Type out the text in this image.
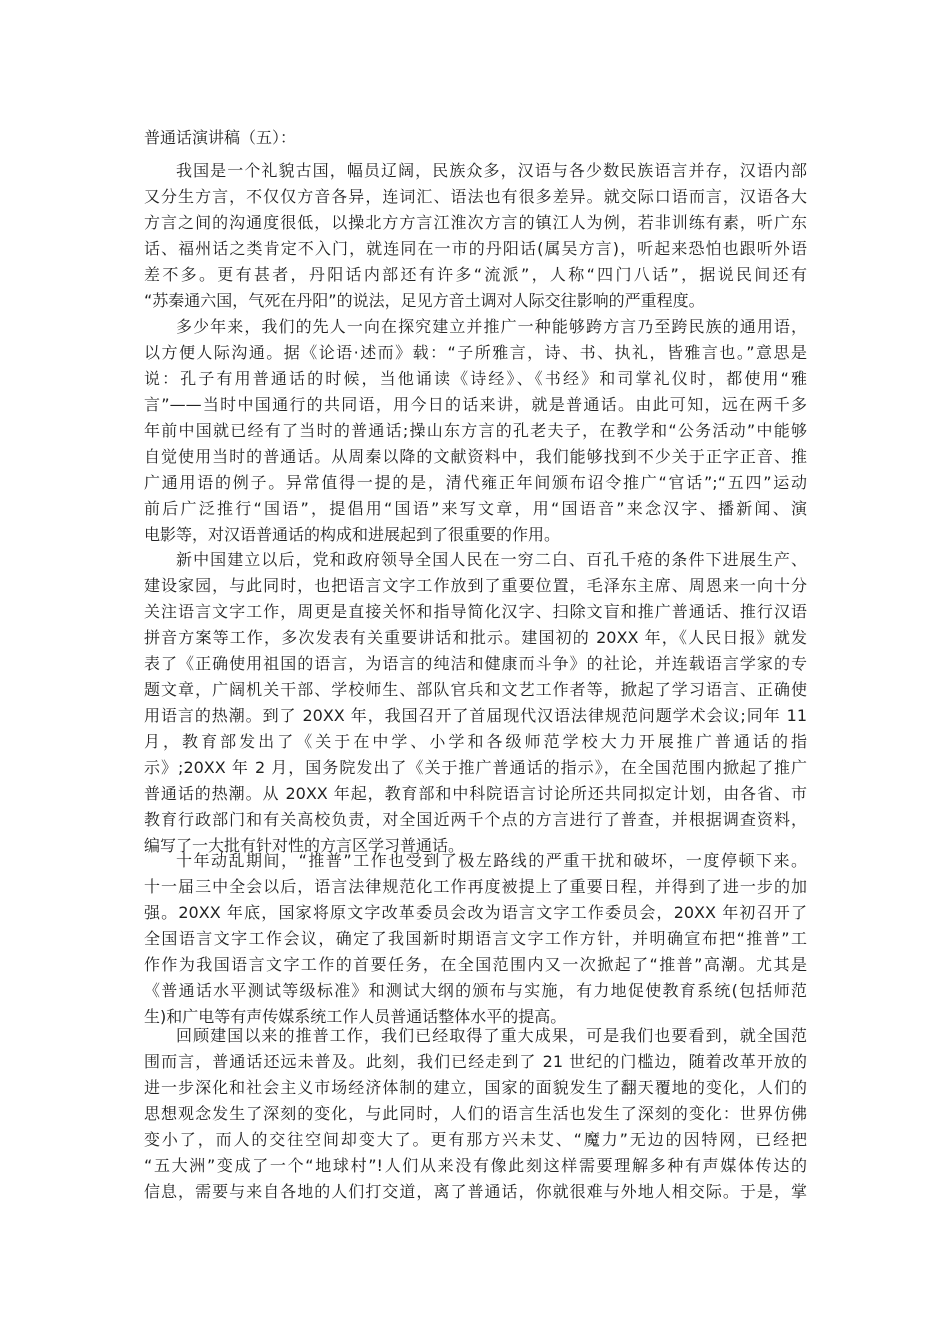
普通话演讲稿（五）：
我国是一个礼貌古国，幅员辽阔，民族众多，汉语与各少数民族语言并存，汉语内部
又分生方言，不仅仅方音各异，连词汇、语法也有很多差异。就交际口语而言，汉语各大
方言之间的沟通度很低，以操北方方言江淮次方言的镇江人为例，若非训练有素，听广东
话、福州话之类肯定不入门，就连同在一市的丹阳话(属吴方言)，听起来恐怕也跟听外语
差不多。更有甚者，丹阳话内部还有许多“流派”，人称“四门八话”，据说民间还有
“苏秦通六国，气死在丹阳”的说法，足见方音土调对人际交往影响的严重程度。
多少年来，我们的先人一向在探究建立并推广一种能够跨方言乃至跨民族的通用语，
以方便人际沟通。据《论语·述而》载：“子所雅言，诗、书、执礼，皆雅言也。”意思是
说：孔子有用普通话的时候，当他诵读《诗经》、《书经》和司掌礼仪时，都使用“雅
言”——当时中国通行的共同语，用今日的话来讲，就是普通话。由此可知，远在两千多
年前中国就已经有了当时的普通话;操山东方言的孔老夫子，在教学和“公务活动”中能够
自觉使用当时的普通话。从周秦以降的文献资料中，我们能够找到不少关于正字正音、推
广通用语的例子。异常值得一提的是，清代雍正年间颁布诏令推广“官话”;“五四”运动
前后广泛推行“国语”，提倡用“国语”来写文章，用“国语音”来念汉字、播新闻、演
电影等，对汉语普通话的构成和进展起到了很重要的作用。
新中国建立以后，党和政府领导全国人民在一穷二白、百孔千疮的条件下进展生产、
建设家园，与此同时，也把语言文字工作放到了重要位置，毛泽东主席、周恩来一向十分
关注语言文字工作，周更是直接关怀和指导简化汉字、扫除文盲和推广普通话、推行汉语
拼音方案等工作，多次发表有关重要讲话和批示。建国初的 20XX 年，《人民日报》就发
表了《正确使用祖国的语言，为语言的纯洁和健康而斗争》的社论，并连载语言学家的专
题文章，广阔机关干部、学校师生、部队官兵和文艺工作者等，掀起了学习语言、正确使
用语言的热潮。到了 20XX 年，我国召开了首届现代汉语法律规范问题学术会议;同年 11
月，教育部发出了《关于在中学、小学和各级师范学校大力开展推广普通话的指
示》;20XX 年 2 月，国务院发出了《关于推广普通话的指示》，在全国范围内掀起了推广
普通话的热潮。从 20XX 年起，教育部和中科院语言讨论所还共同拟定计划，由各省、市
教育行政部门和有关高校负责，对全国近两千个点的方言进行了普查，并根据调查资料，
编写了一大批有针对性的方言区学习普通话。
十年动乱期间，“推普”工作也受到了极左路线的严重干扰和破坏，一度停顿下来。
十一届三中全会以后，语言法律规范化工作再度被提上了重要日程，并得到了进一步的加
强。20XX 年底，国家将原文字改革委员会改为语言文字工作委员会，20XX 年初召开了
全国语言文字工作会议，确定了我国新时期语言文字工作方针，并明确宣布把“推普”工
作作为我国语言文字工作的首要任务，在全国范围内又一次掀起了“推普”高潮。尤其是
《普通话水平测试等级标准》和测试大纲的颁布与实施，有力地促使教育系统(包括师范
生)和广电等有声传媒系统工作人员普通话整体水平的提高。
回顾建国以来的推普工作，我们已经取得了重大成果，可是我们也要看到，就全国范
围而言，普通话还远未普及。此刻，我们已经走到了 21 世纪的门槛边，随着改革开放的
进一步深化和社会主义市场经济体制的建立，国家的面貌发生了翻天覆地的变化，人们的
思想观念发生了深刻的变化，与此同时，人们的语言生活也发生了深刻的变化：世界仿佛
变小了，而人的交往空间却变大了。更有那方兴未艾、“魔力”无边的因特网，已经把
“五大洲”变成了一个“地球村”!人们从来没有像此刻这样需要理解多种有声媒体传达的
信息，需要与来自各地的人们打交道，离了普通话，你就很难与外地人相交际。于是，掌
